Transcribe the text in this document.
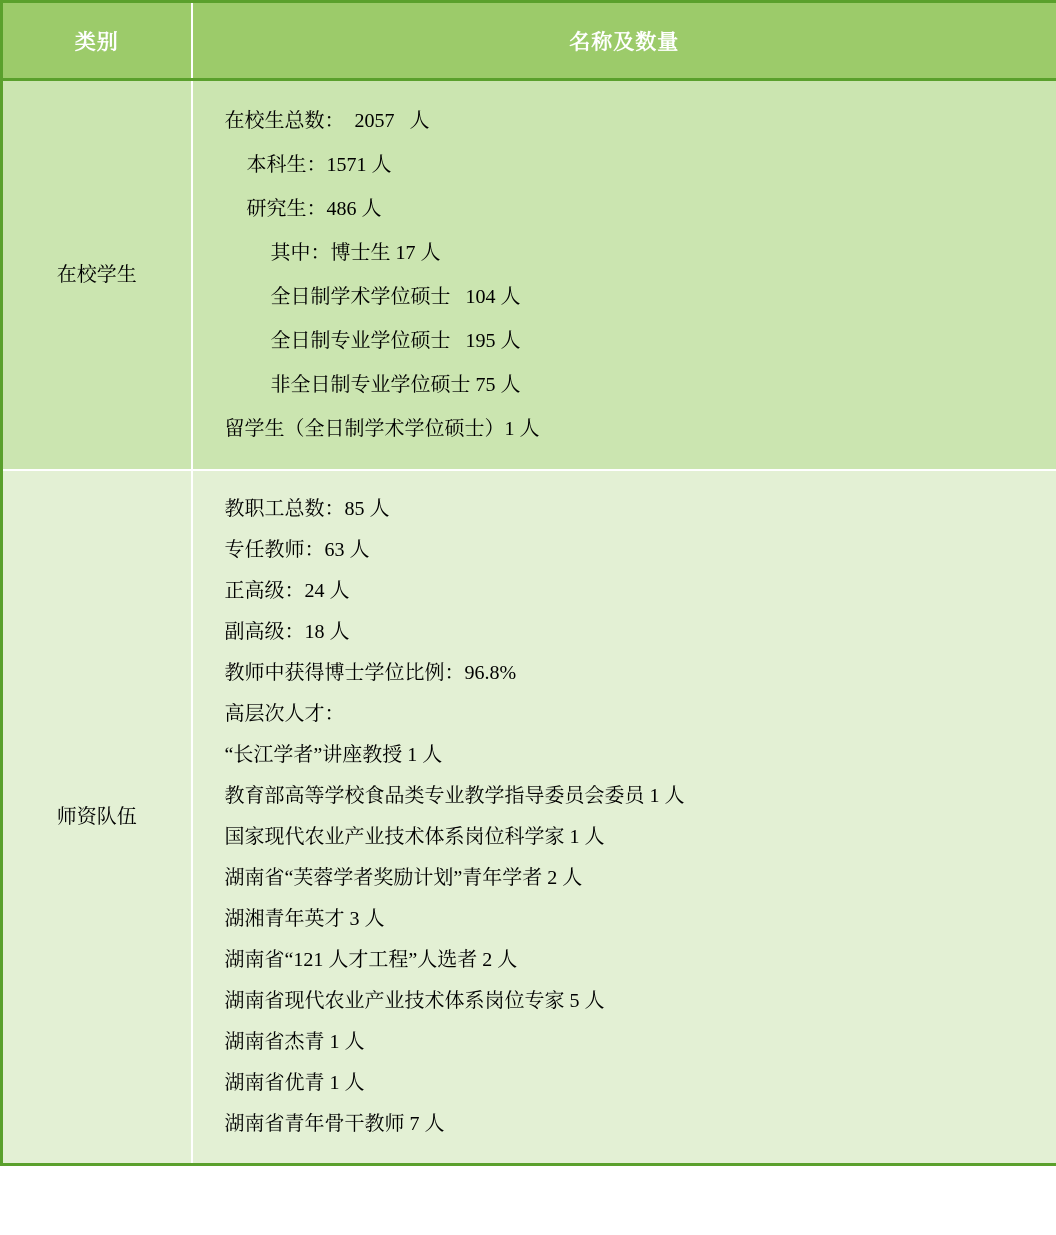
类别	名称及数量
在校学生	
在校生总数：  2057   人
本科生：1571 人
研究生：486 人
其中：博士生 17 人
全日制学术学位硕士   104 人
全日制专业学位硕士   195 人
非全日制专业学位硕士 75 人
留学生（全日制学术学位硕士）1 人

师资队伍	
教职工总数：85 人
专任教师：63 人
正高级：24 人
副高级：18 人
教师中获得博士学位比例：96.8%
高层次人才：
“长江学者”讲座教授 1 人
教育部高等学校食品类专业教学指导委员会委员 1 人
国家现代农业产业技术体系岗位科学家 1 人
湖南省“芙蓉学者奖励计划”青年学者 2 人
湖湘青年英才 3 人
湖南省“121 人才工程”人选者 2 人
湖南省现代农业产业技术体系岗位专家 5 人
湖南省杰青 1 人
湖南省优青 1 人
湖南省青年骨干教师 7 人
